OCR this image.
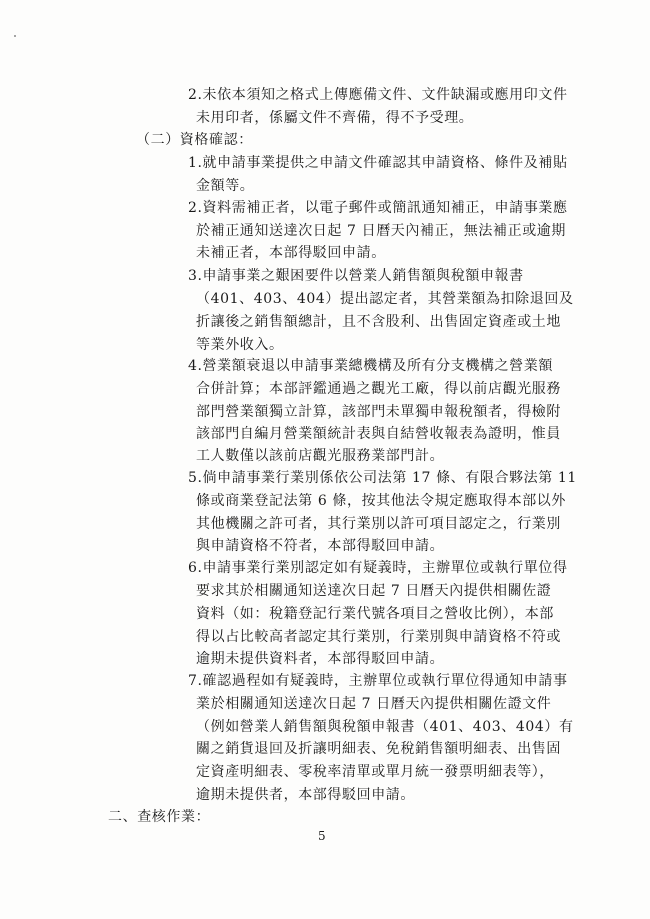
2.未依本須知之格式上傳應備文件、文件缺漏或應用印文件
未用印者，係屬文件不齊備，得不予受理。
（二）資格確認：
1.就申請事業提供之申請文件確認其申請資格、條件及補貼
金額等。
2.資料需補正者，以電子郵件或簡訊通知補正，申請事業應
於補正通知送達次日起 7 日曆天內補正，無法補正或逾期
未補正者，本部得駁回申請。
3.申請事業之艱困要件以營業人銷售額與稅額申報書
（401、403、404）提出認定者，其營業額為扣除退回及
折讓後之銷售額總計，且不含股利、出售固定資產或土地
等業外收入。
4.營業額衰退以申請事業總機構及所有分支機構之營業額
合併計算；本部評鑑通過之觀光工廠，得以前店觀光服務
部門營業額獨立計算，該部門未單獨申報稅額者，得檢附
該部門自編月營業額統計表與自結營收報表為證明，惟員
工人數僅以該前店觀光服務業部門計。
5.倘申請事業行業別係依公司法第 17 條、有限合夥法第 11
條或商業登記法第 6 條，按其他法令規定應取得本部以外
其他機關之許可者，其行業別以許可項目認定之，行業別
與申請資格不符者，本部得駁回申請。
6.申請事業行業別認定如有疑義時，主辦單位或執行單位得
要求其於相關通知送達次日起 7 日曆天內提供相關佐證
資料（如：稅籍登記行業代號各項目之營收比例），本部
得以占比較高者認定其行業別，行業別與申請資格不符或
逾期未提供資料者，本部得駁回申請。
7.確認過程如有疑義時，主辦單位或執行單位得通知申請事
業於相關通知送達次日起 7 日曆天內提供相關佐證文件
（例如營業人銷售額與稅額申報書（401、403、404）有
關之銷貨退回及折讓明細表、免稅銷售額明細表、出售固
定資產明細表、零稅率清單或單月統一發票明細表等），
逾期未提供者，本部得駁回申請。
二、查核作業：
5
